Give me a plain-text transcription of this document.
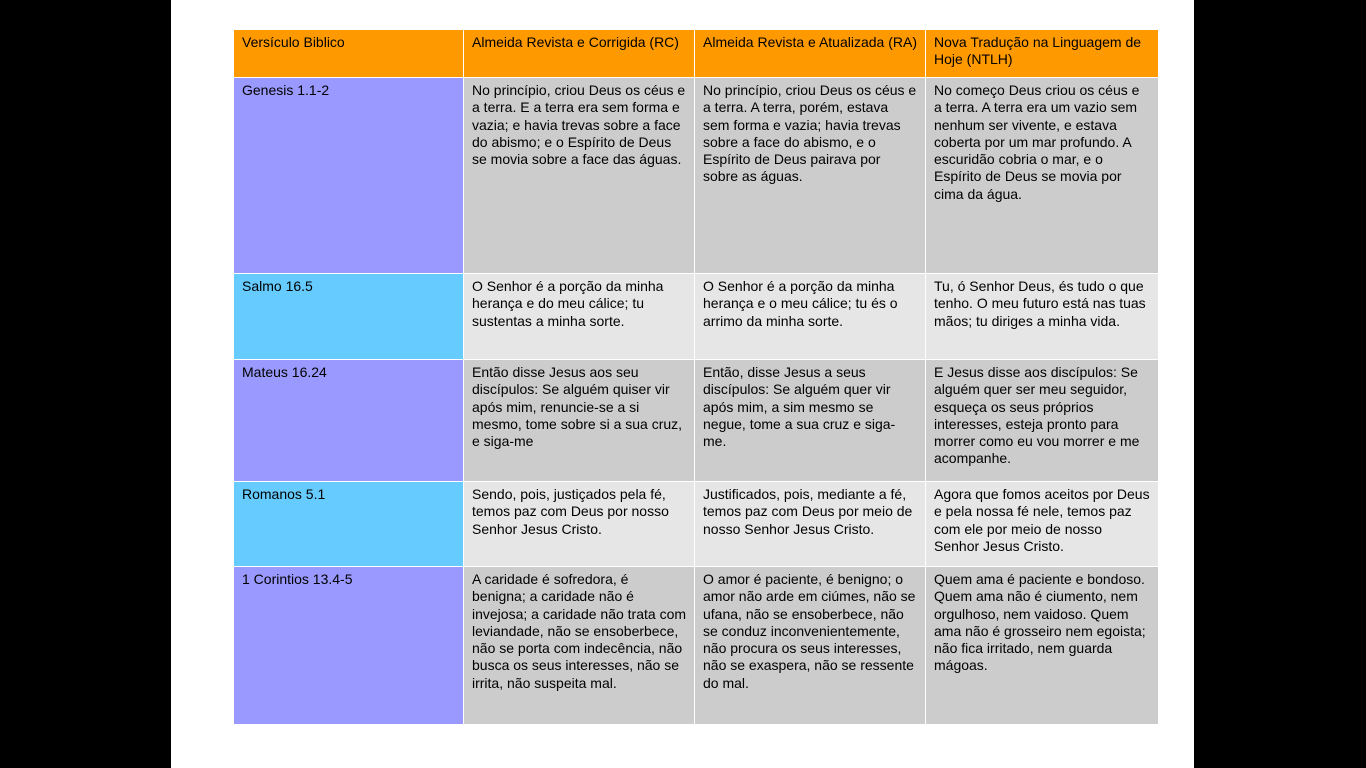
Versículo Biblico	Almeida Revista e Corrigida (RC)	Almeida Revista e Atualizada (RA)	Nova Tradução na Linguagem de Hoje (NTLH)
Genesis 1.1-2	No princípio, criou Deus os céus e a terra. E a terra era sem forma e vazia; e havia trevas sobre a face do abismo; e o Espírito de Deus se movia sobre a face das águas.	No princípio, criou Deus os céus e a terra. A terra, porém, estava sem forma e vazia; havia trevas sobre a face do abismo, e o Espírito de Deus pairava por sobre as águas.	No começo Deus criou os céus e a terra. A terra era um vazio sem nenhum ser vivente, e estava coberta por um mar profundo. A escuridão cobria o mar, e o Espírito de Deus se movia por cima da água.
Salmo 16.5	O Senhor é a porção da minha herança e do meu cálice; tu sustentas a minha sorte.	O Senhor é a porção da minha herança e o meu cálice; tu és o arrimo da minha sorte.	Tu, ó Senhor Deus, és tudo o que tenho. O meu futuro está nas tuas mãos; tu diriges a minha vida.
Mateus 16.24	Então disse Jesus aos seu discípulos: Se alguém quiser vir após mim, renuncie-se a si mesmo, tome sobre si a sua cruz, e siga-me	Então, disse Jesus a seus discípulos: Se alguém quer vir após mim, a sim mesmo se negue, tome a sua cruz e siga-me.	E Jesus disse aos discípulos: Se alguém quer ser meu seguidor, esqueça os seus próprios interesses, esteja pronto para morrer como eu vou morrer e me acompanhe.
Romanos 5.1	Sendo, pois, justiçados pela fé, temos paz com Deus por nosso Senhor Jesus Cristo.	Justificados, pois, mediante a fé, temos paz com Deus por meio de nosso Senhor Jesus Cristo.	Agora que fomos aceitos por Deus e pela nossa fé nele, temos paz com ele por meio de nosso Senhor Jesus Cristo.
1 Corintios 13.4-5	A caridade é sofredora, é benigna; a caridade não é invejosa; a caridade não trata com leviandade, não se ensoberbece, não se porta com indecência, não busca os seus interesses, não se irrita, não suspeita mal.	O amor é paciente, é benigno; o amor não arde em ciúmes, não se ufana, não se ensoberbece, não se conduz inconvenientemente, não procura os seus interesses, não se exaspera, não se ressente do mal.	Quem ama é paciente e bondoso. Quem ama não é ciumento, nem orgulhoso, nem vaidoso. Quem ama não é grosseiro nem egoista; não fica irritado, nem guarda mágoas.
